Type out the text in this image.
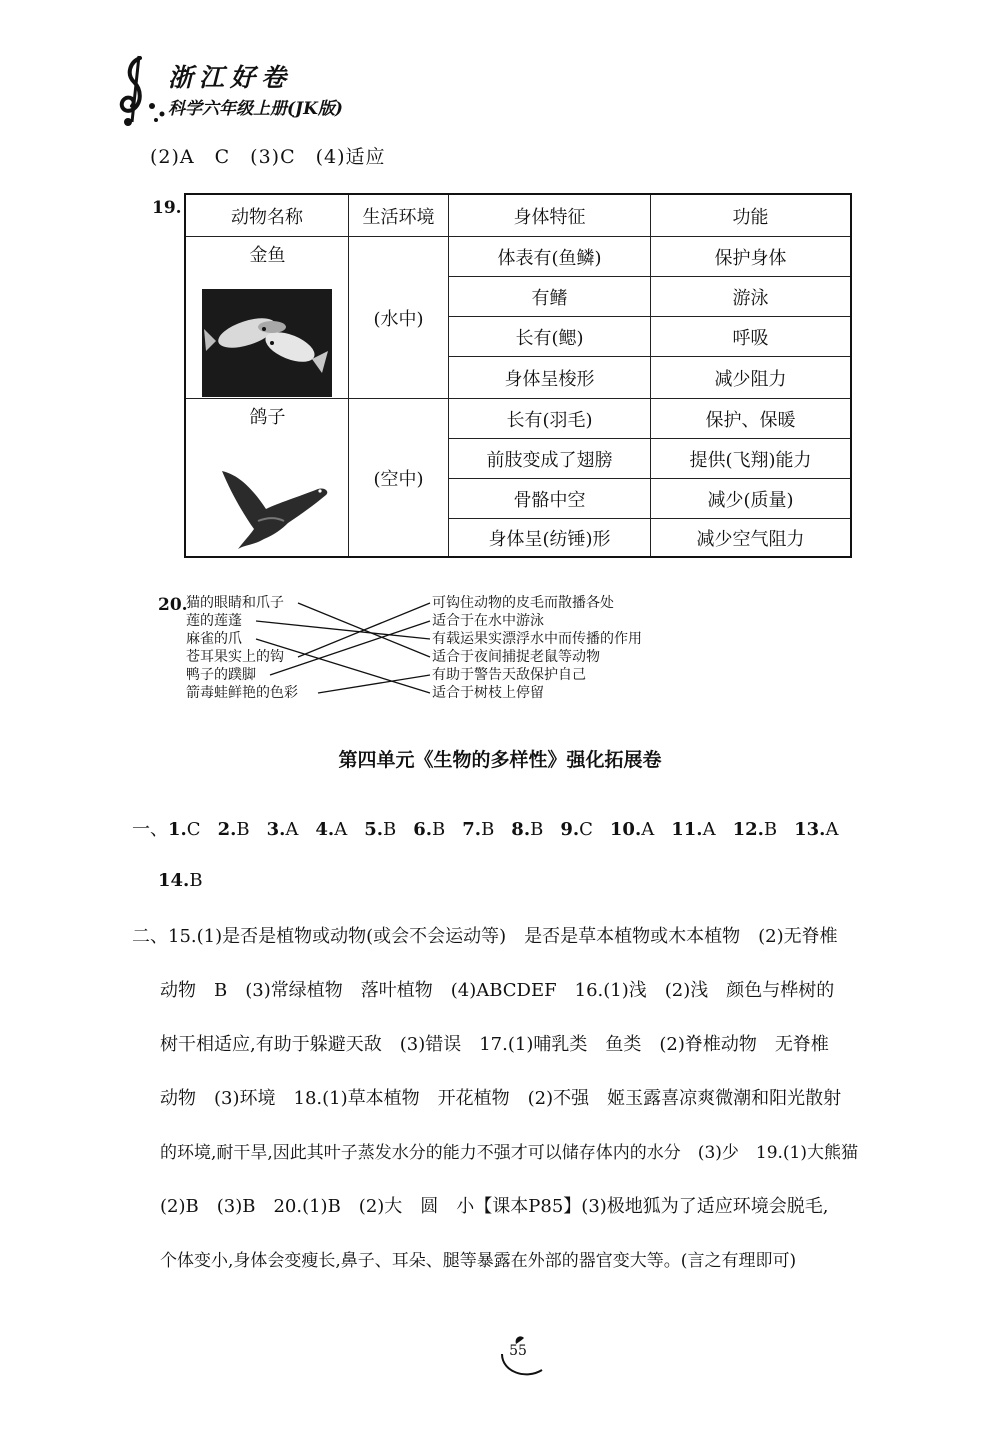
浙江好卷
科学六年级上册(JK版)
(2)A　C　(3)C　(4)适应
19.	动物名称	生活环境	身体特征	功能
金鱼
(水中)
体表有(鱼鳞)	保护身体
有鳍	游泳
长有(鳃)	呼吸
身体呈梭形	减少阻力
鸽子
(空中)
长有(羽毛)	保护、保暖
前肢变成了翅膀	提供(飞翔)能力
骨骼中空	减少(质量)
身体呈(纺锤)形	减少空气阻力
20.
猫的眼睛和爪子
莲的莲蓬
麻雀的爪
苍耳果实上的钩
鸭子的蹼脚
箭毒蛙鲜艳的色彩
可钩住动物的皮毛而散播各处
适合于在水中游泳
有载运果实漂浮水中而传播的作用
适合于夜间捕捉老鼠等动物
有助于警告天敌保护自己
适合于树枝上停留
第四单元《生物的多样性》强化拓展卷
一、1.C 2.B 3.A 4.A 5.B 6.B 7.B 8.B 9.C 10.A 11.A 12.B 13.A
14.B
二、15.(1)是否是植物或动物(或会不会运动等)　是否是草本植物或木本植物　(2)无脊椎
动物　B　(3)常绿植物　落叶植物　(4)ABCDEF　16.(1)浅　(2)浅　颜色与桦树的
树干相适应,有助于躲避天敌　(3)错误　17.(1)哺乳类　鱼类　(2)脊椎动物　无脊椎
动物　(3)环境　18.(1)草本植物　开花植物　(2)不强　姬玉露喜凉爽微潮和阳光散射
的环境,耐干旱,因此其叶子蒸发水分的能力不强才可以储存体内的水分　(3)少　19.(1)大熊猫
(2)B　(3)B　20.(1)B　(2)大　圆　小【课本P85】(3)极地狐为了适应环境会脱毛,
个体变小,身体会变瘦长,鼻子、耳朵、腿等暴露在外部的器官变大等。(言之有理即可)
55
